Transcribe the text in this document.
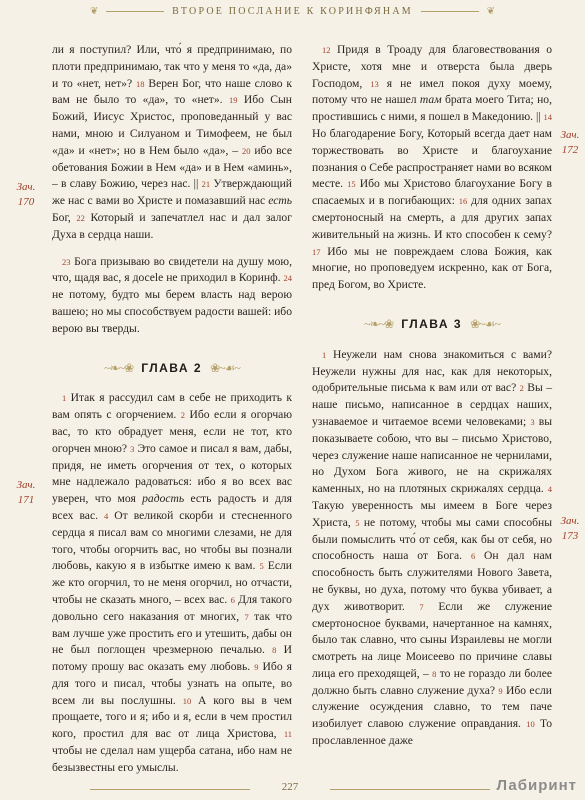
❦	ВТОРОЕ ПОСЛАНИЕ К КОРИНФЯНАМ	❦
Зач.
170
Зач.
171
Зач.
172
Зач.
173

ли я поступил? Или, что́ я предпринимаю, по плоти предпринимаю, так что у меня то «да, да» и то «нет, нет»? 18 Верен Бог, что наше слово к вам не было то «да», то «нет». 19 Ибо Сын Божий, Иисус Христос, проповеданный у вас нами, мною и Силуаном и Тимофеем, не был «да» и «нет»; но в Нем было «да», – 20 ибо все обетования Божии в Нем «да» и в Нем «аминь», – в славу Божию, через нас. || 21 Утверждающий же нас с вами во Христе и помазавший нас есть Бог, 22 Который и запечатлел нас и дал залог Духа в сердца наши.

23 Бога призываю во свидетели на душу мою, что, щадя вас, я досele не приходил в Коринф. 24 не потому, будто мы берем власть над верою вашею; но мы способствуем радости вашей: ибо верою вы тверды.

~❧~❀ ГЛАВА 2 ❀~☙~

1 Итак я рассудил сам в себе не приходить к вам опять с огорчением. 2 Ибо если я огорчаю вас, то кто обрадует меня, если не тот, кто огорчен мною? 3 Это самое и писал я вам, дабы, придя, не иметь огорчения от тех, о которых мне надлежало радоваться: ибо я во всех вас уверен, что моя радость есть радость и для всех вас. 4 От великой скорби и стесненного сердца я писал вам со многими слезами, не для того, чтобы огорчить вас, но чтобы вы познали любовь, какую я в избытке имею к вам. 5 Если же кто огорчил, то не меня огорчил, но отчасти, чтобы не сказать много, – всех вас. 6 Для такого довольно сего наказания от многих, 7 так что вам лучше уже простить его и утешить, дабы он не был поглощен чрезмерною печалью. 8 И потому прошу вас оказать ему любовь. 9 Ибо я для того и писал, чтобы узнать на опыте, во всем ли вы послушны. 10 А кого вы в чем прощаете, того и я; ибо и я, если в чем простил кого, простил для вас от лица Христова, 11 чтобы не сделал нам ущерба сатана, ибо нам не безызвестны его умыслы.

12 Придя в Троаду для благовествования о Христе, хотя мне и отверста была дверь Господом, 13 я не имел покоя духу моему, потому что не нашел там брата моего Тита; но, простившись с ними, я пошел в Македонию. || 14 Но благодарение Богу, Который всегда дает нам торжествовать во Христе и благоухание познания о Себе распространяет нами во всяком месте. 15 Ибо мы Христово благоухание Богу в спасаемых и в погибающих: 16 для одних запах смертоносный на смерть, а для других запах живительный на жизнь. И кто способен к сему? 17 Ибо мы не повреждаем слова Божия, как многие, но проповедуем искренно, как от Бога, пред Богом, во Христе.

~❧~❀ ГЛАВА 3 ❀~☙~

1 Неужели нам снова знакомиться с вами? Неужели нужны для нас, как для некоторых, одобрительные письма к вам или от вас? 2 Вы – наше письмо, написанное в сердцах наших, узнаваемое и читаемое всеми человеками; 3 вы показываете собою, что вы – письмо Христово, через служение наше написанное не чернилами, но Духом Бога живого, не на скрижалях каменных, но на плотяных скрижалях сердца. 4 Такую уверенность мы имеем в Боге через Христа, 5 не потому, чтобы мы сами способны были помыслить что́ от себя, как бы от себя, но способность наша от Бога. 6 Он дал нам способность быть служителями Нового Завета, не буквы, но духа, потому что буква убивает, а дух животворит. 7 Если же служение смертоносное буквами, начертанное на камнях, было так славно, что сыны Израилевы не могли смотреть на лице Моисеево по причине славы лица его преходящей, – 8 то не гораздо ли более должно быть славно служение духа? 9 Ибо если служение осуждения славно, то тем паче изобилует славою служение оправдания. 10 То прославленное даже

227	Лабиринт
